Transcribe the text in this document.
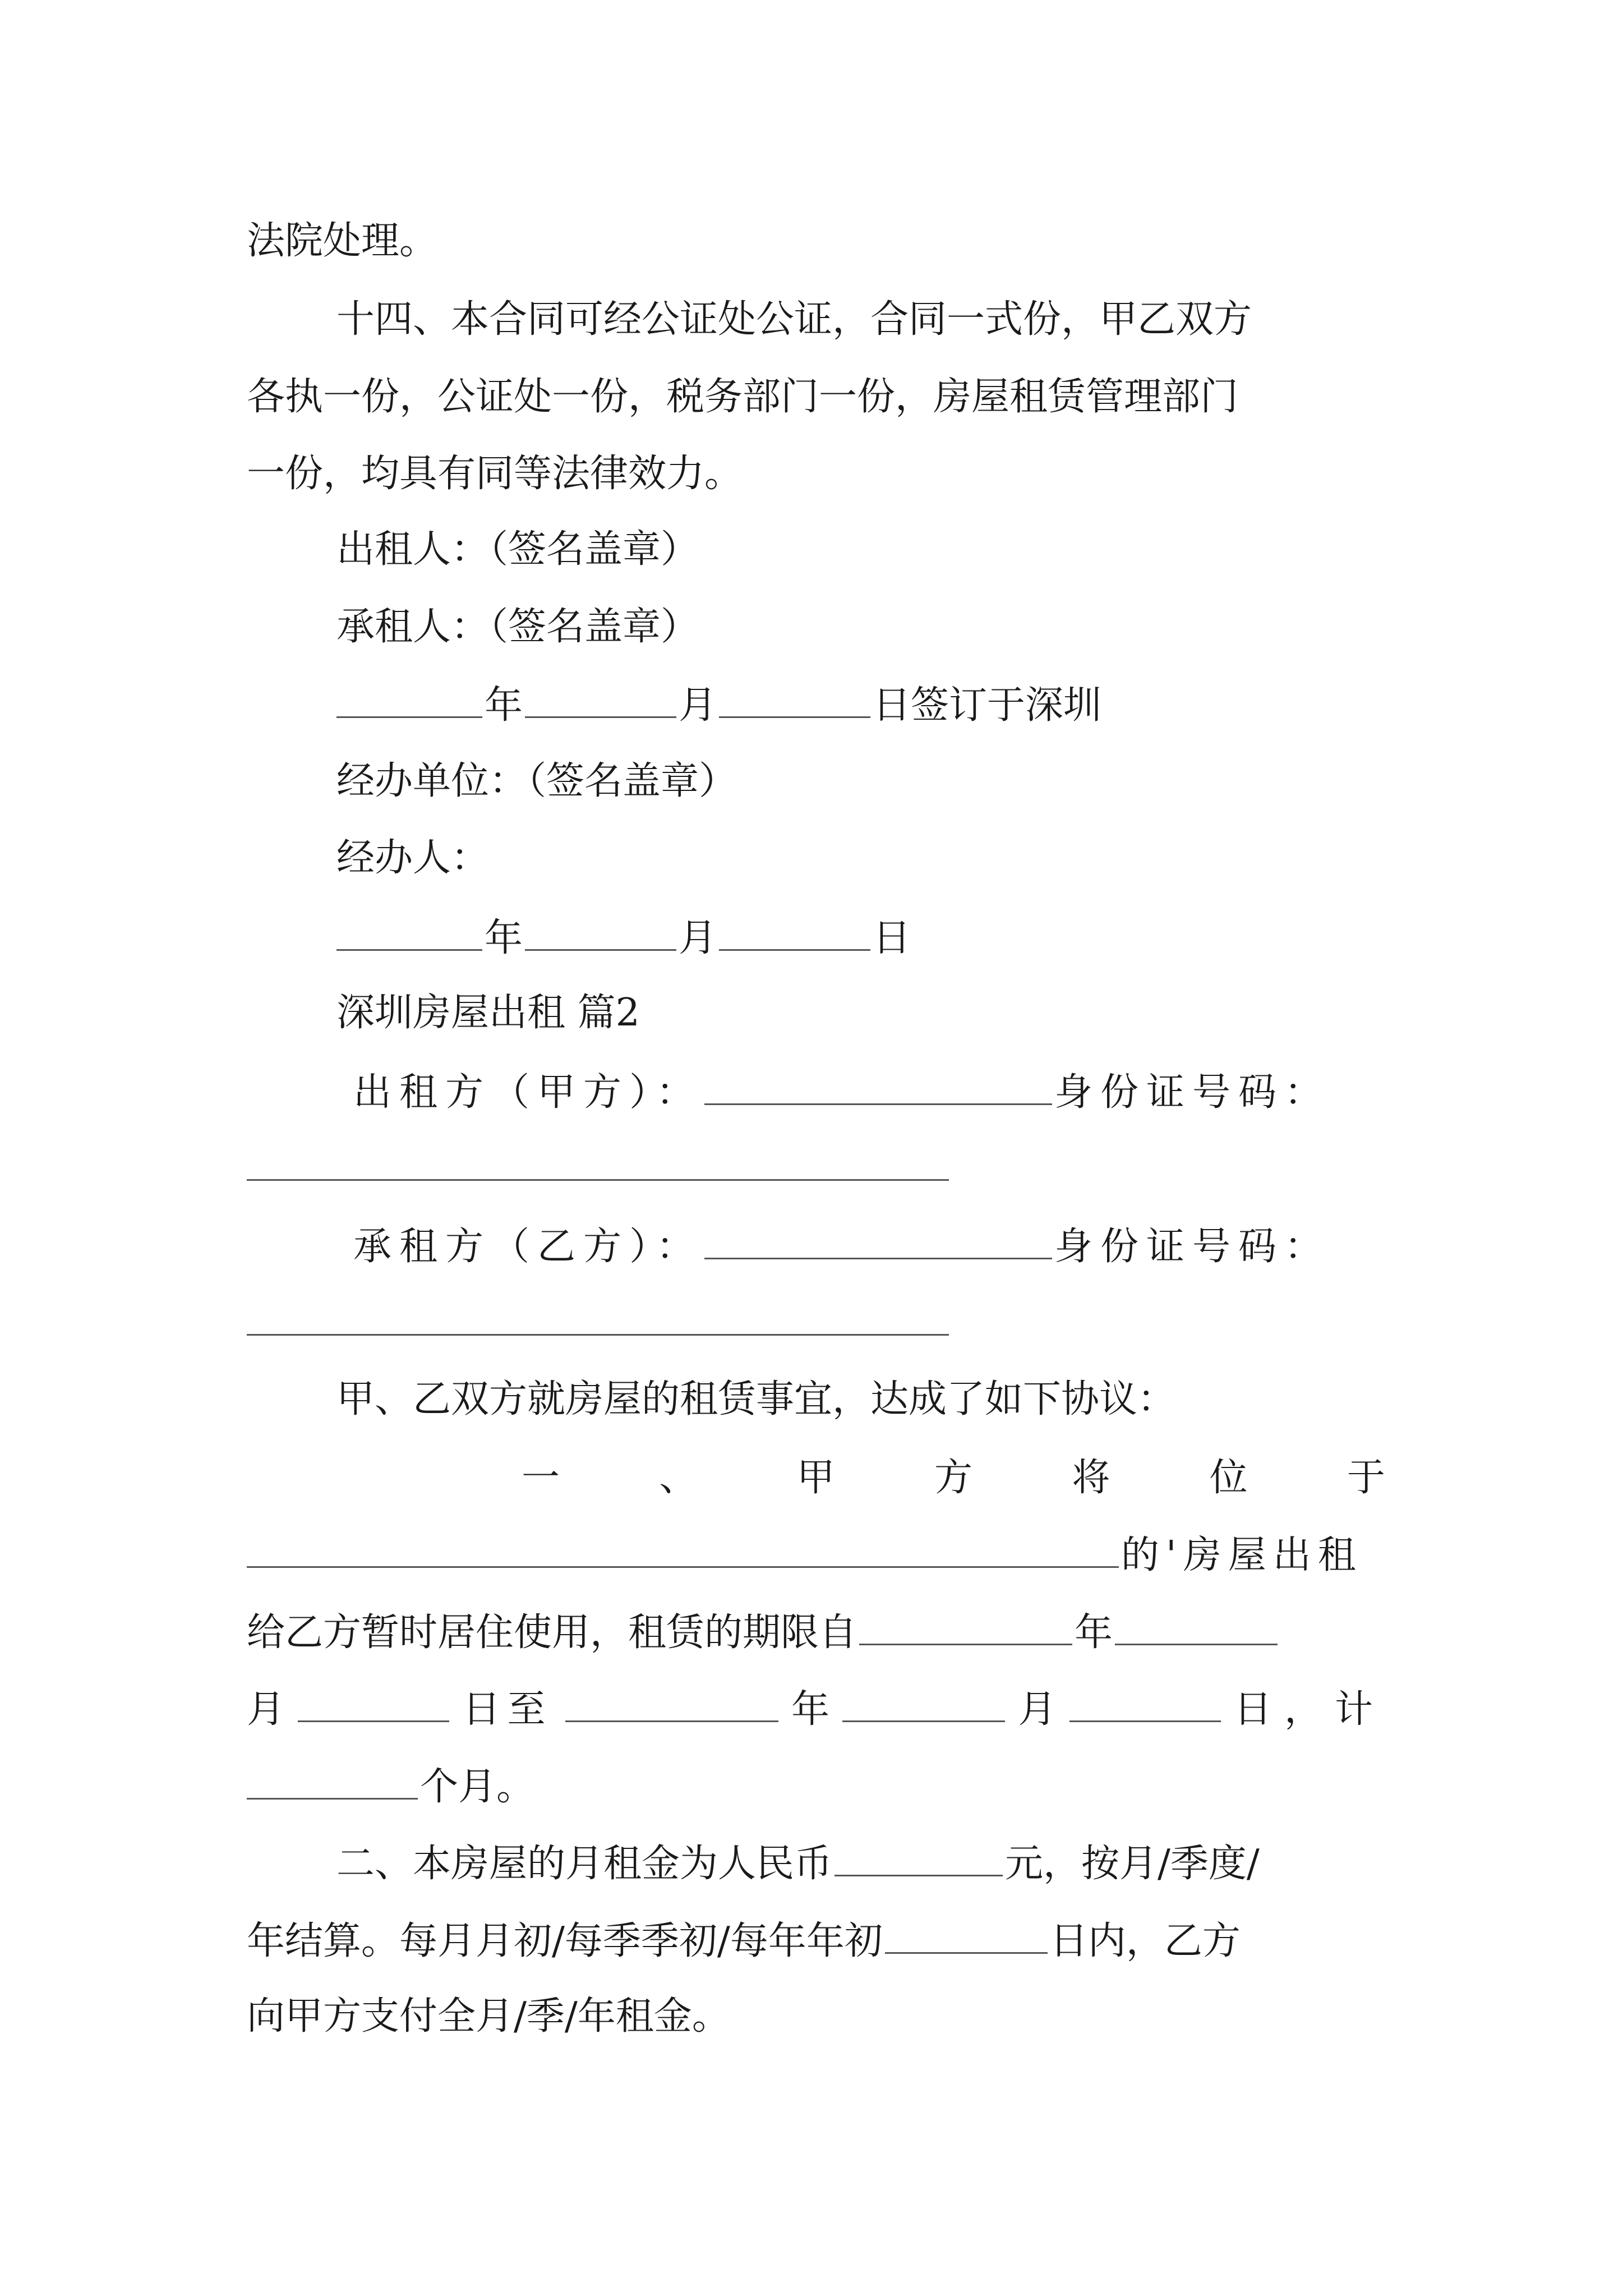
法院处理。
十四、本合同可经公证处公证，合同一式份，甲乙双方
各执一份，公证处一份，税务部门一份，房屋租赁管理部门
一份，均具有同等法律效力。
出租人：（签名盖章）
承租人：（签名盖章）
年	月	日签订于深圳
经办单位：（签名盖章）
经办人：
年	月	日
深圳房屋出租 篇2
出租方（甲方）：	身份证号码：
承租方（乙方）：	身份证号码：
甲、乙双方就房屋的租赁事宜，达成了如下协议：
一	、	甲	方	将	位	于
的'房屋出租
给乙方暂时居住使用，租赁的期限自	年
月	日至	年	月	日，计
个月。
二、本房屋的月租金为人民币	元，按月/季度/
年结算。每月月初/每季季初/每年年初	日内，乙方
向甲方支付全月/季/年租金。
